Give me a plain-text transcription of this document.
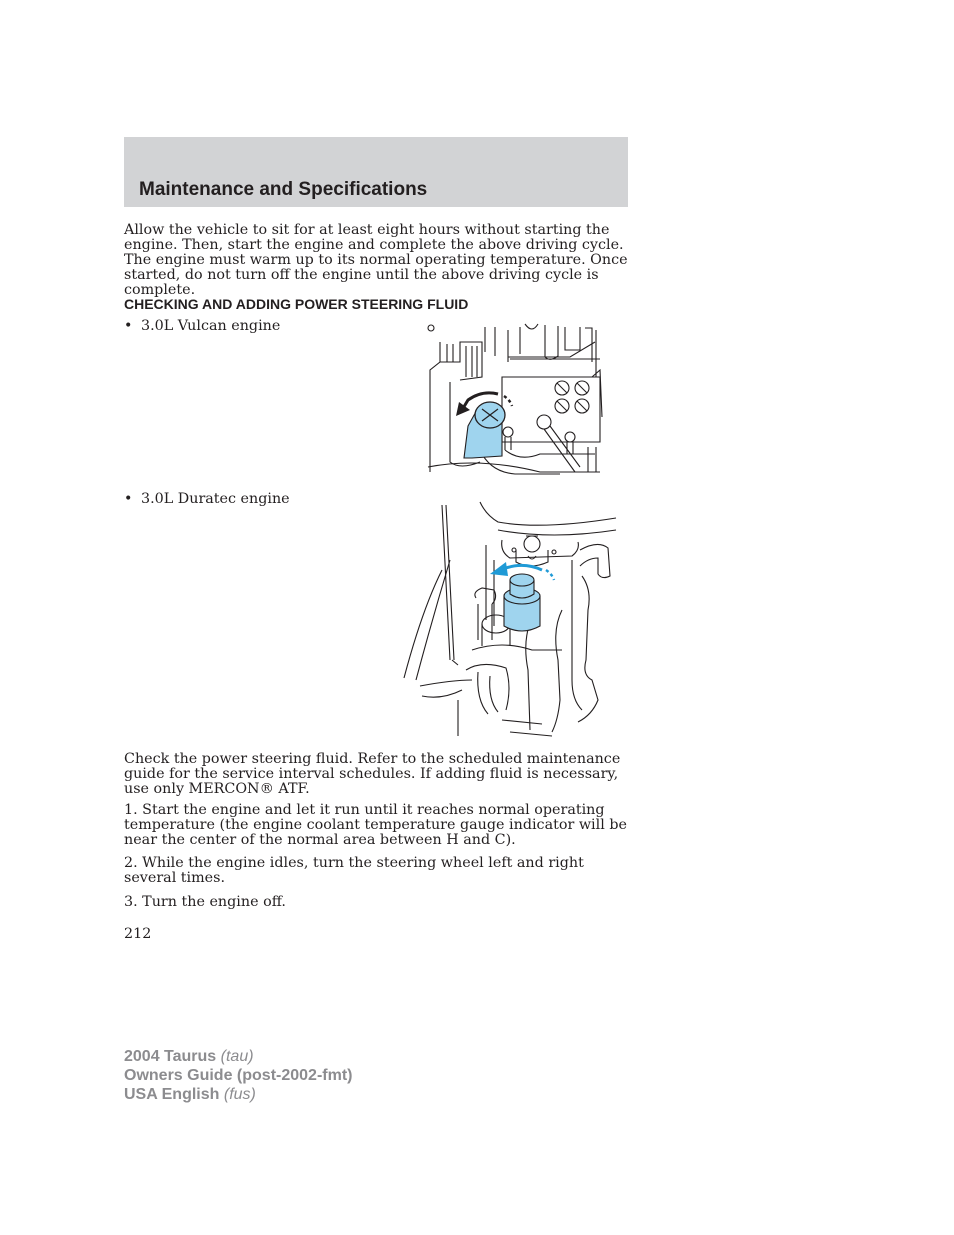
Maintenance and Specifications

Allow the vehicle to sit for at least eight hours without starting the engine. Then, start the engine and complete the above driving cycle. The engine must warm up to its normal operating temperature. Once started, do not turn off the engine until the above driving cycle is complete.

CHECKING AND ADDING POWER STEERING FLUID
• 3.0L Vulcan engine
• 3.0L Duratec engine

Check the power steering fluid. Refer to the scheduled maintenance guide for the service interval schedules. If adding fluid is necessary, use only MERCON® ATF.

1. Start the engine and let it run until it reaches normal operating temperature (the engine coolant temperature gauge indicator will be near the center of the normal area between H and C).

2. While the engine idles, turn the steering wheel left and right several times.

3. Turn the engine off.

212
2004 Taurus (tau)
Owners Guide (post-2002-fmt)
USA English (fus)
